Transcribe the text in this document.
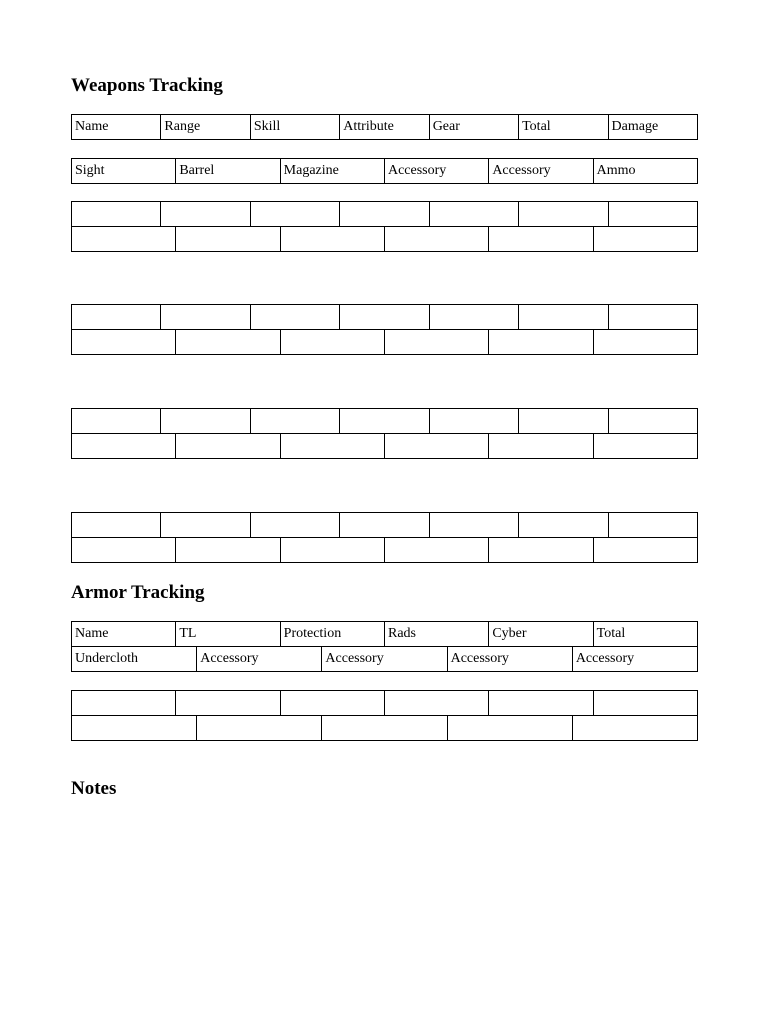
Weapons Tracking
Name	Range	Skill	Attribute	Gear	Total	Damage
Sight	Barrel	Magazine	Accessory	Accessory	Ammo
Armor Tracking
Name	TL	Protection	Rads	Cyber	Total
Undercloth	Accessory	Accessory	Accessory	Accessory
Notes
